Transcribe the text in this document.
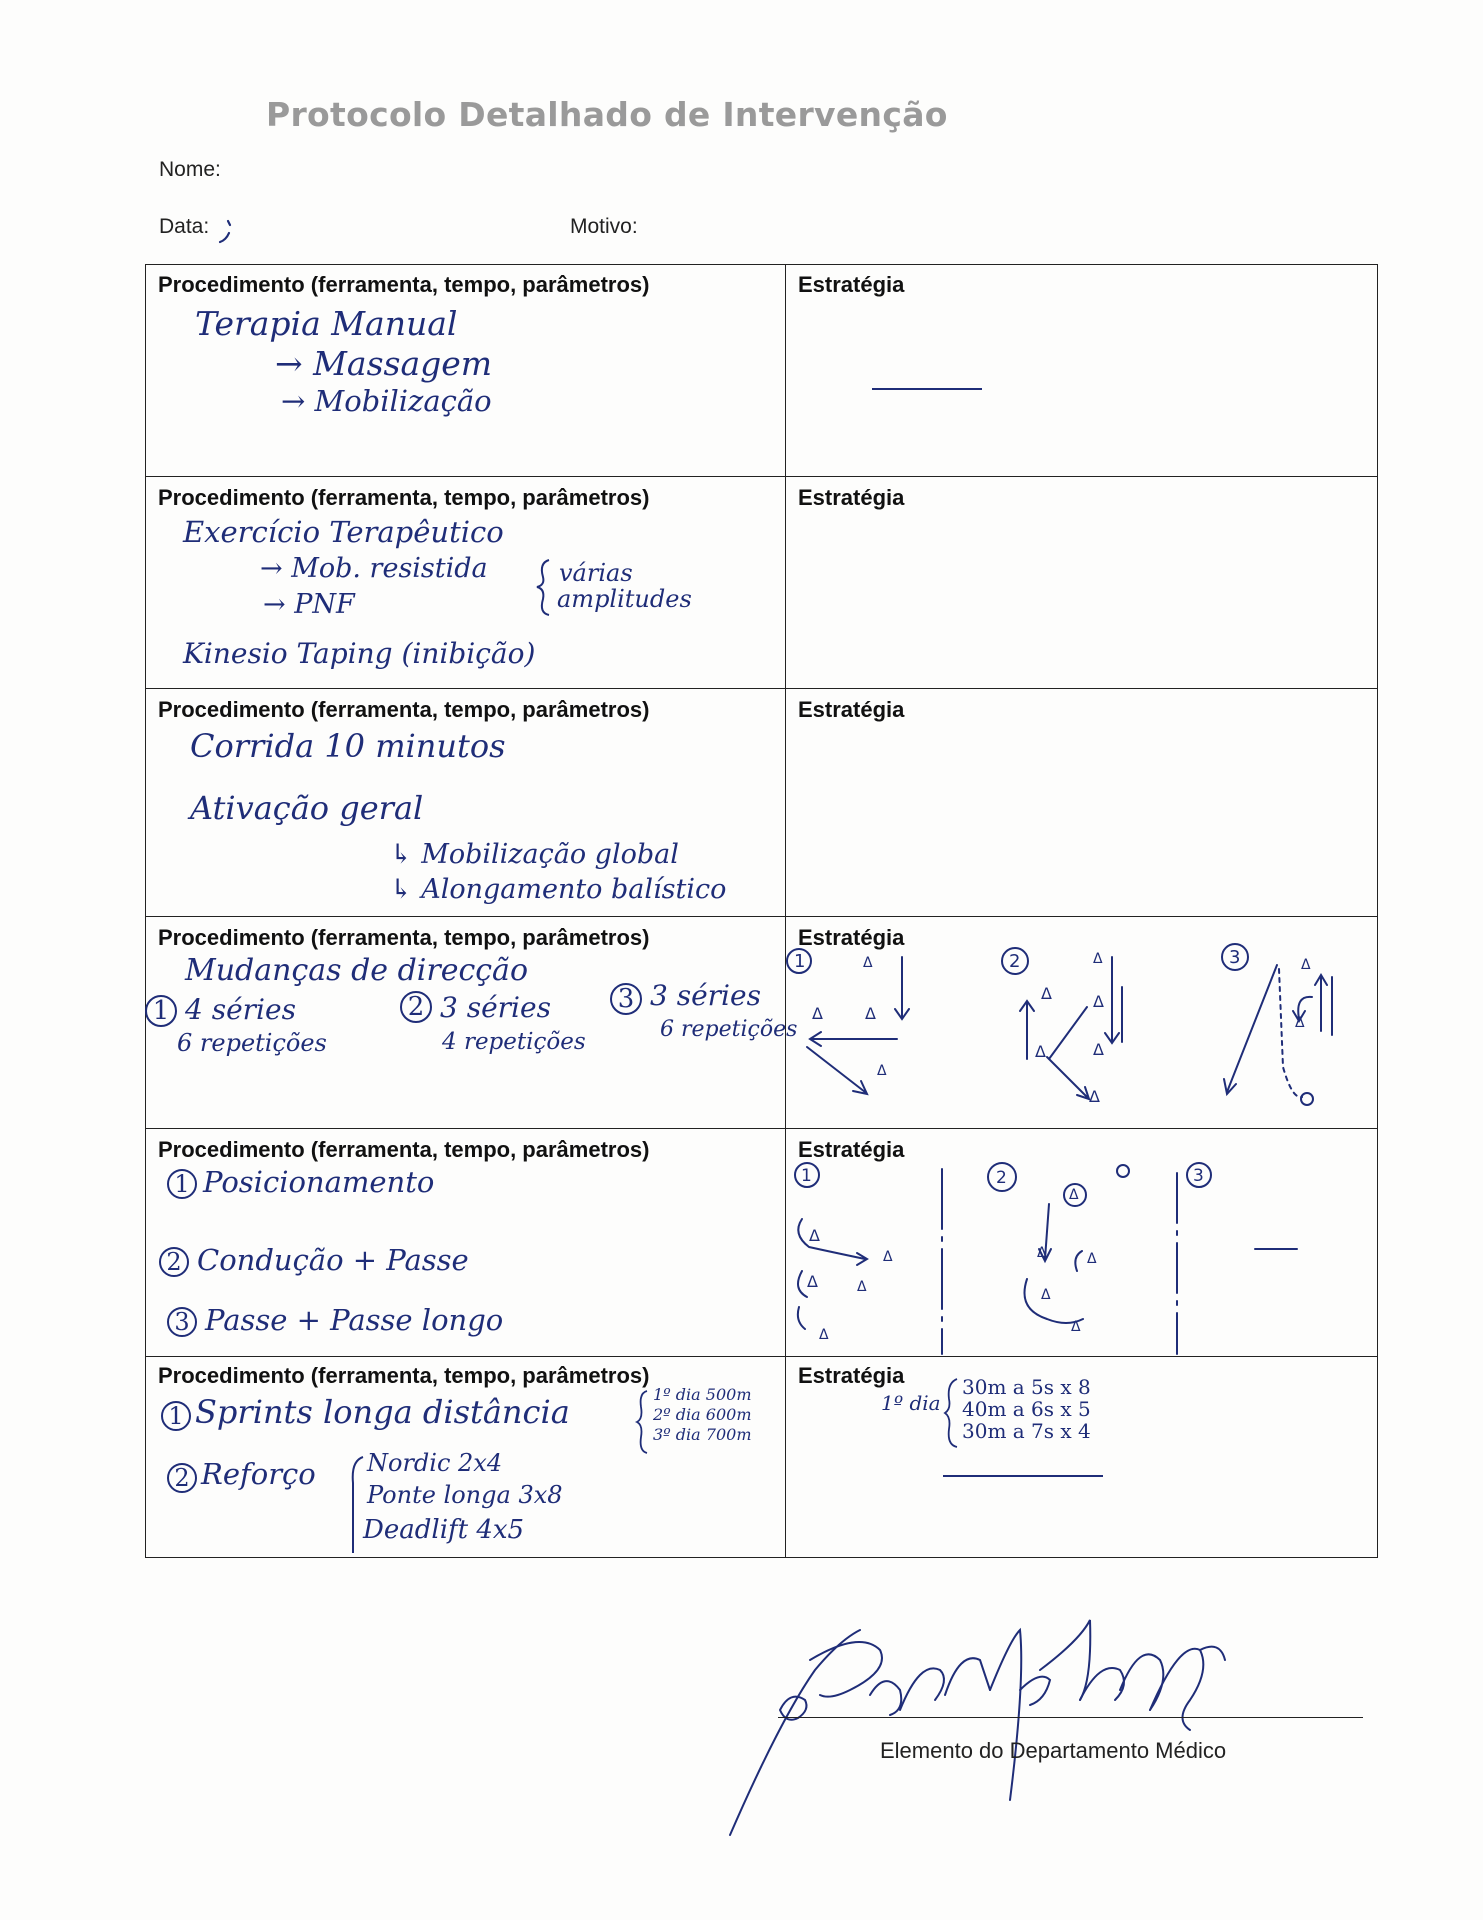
Protocolo Detalhado de Intervenção
Nome:
Data:	Motivo:
Procedimento (ferramenta, tempo, parâmetros)	Estratégia
Terapia Manual
→ Massagem
→ Mobilização
Procedimento (ferramenta, tempo, parâmetros)	Estratégia
Exercício Terapêutico
→ Mob. resistida
→ PNF
várias
amplitudes
Kinesio Taping (inibição)
Procedimento (ferramenta, tempo, parâmetros)	Estratégia
Corrida 10 minutos
Ativação geral
↳ Mobilização global
↳ Alongamento balístico
Procedimento (ferramenta, tempo, parâmetros)	Estratégia
Mudanças de direcção
1 4 séries
6 repetições
2 3 séries
4 repetições
3 3 séries
6 repetições
1	Δ
Δ	Δ
Δ
2	Δ
Δ	Δ
Δ	Δ
Δ
3	Δ
Δ
Procedimento (ferramenta, tempo, parâmetros)	Estratégia
1 Posicionamento
2 Condução + Passe
3 Passe + Passe longo
1
Δ
Δ
Δ	Δ
Δ
2
Δ
Δ	Δ
Δ
Δ
3
Procedimento (ferramenta, tempo, parâmetros)	Estratégia
1 Sprints longa distância	1º dia 500m
2º dia 600m
3º dia 700m
2 Reforço Nordic 2x4
Ponte longa 3x8
Deadlift 4x5
1º dia
30m a 5s x 8
40m a 6s x 5
30m a 7s x 4
Elemento do Departamento Médico
